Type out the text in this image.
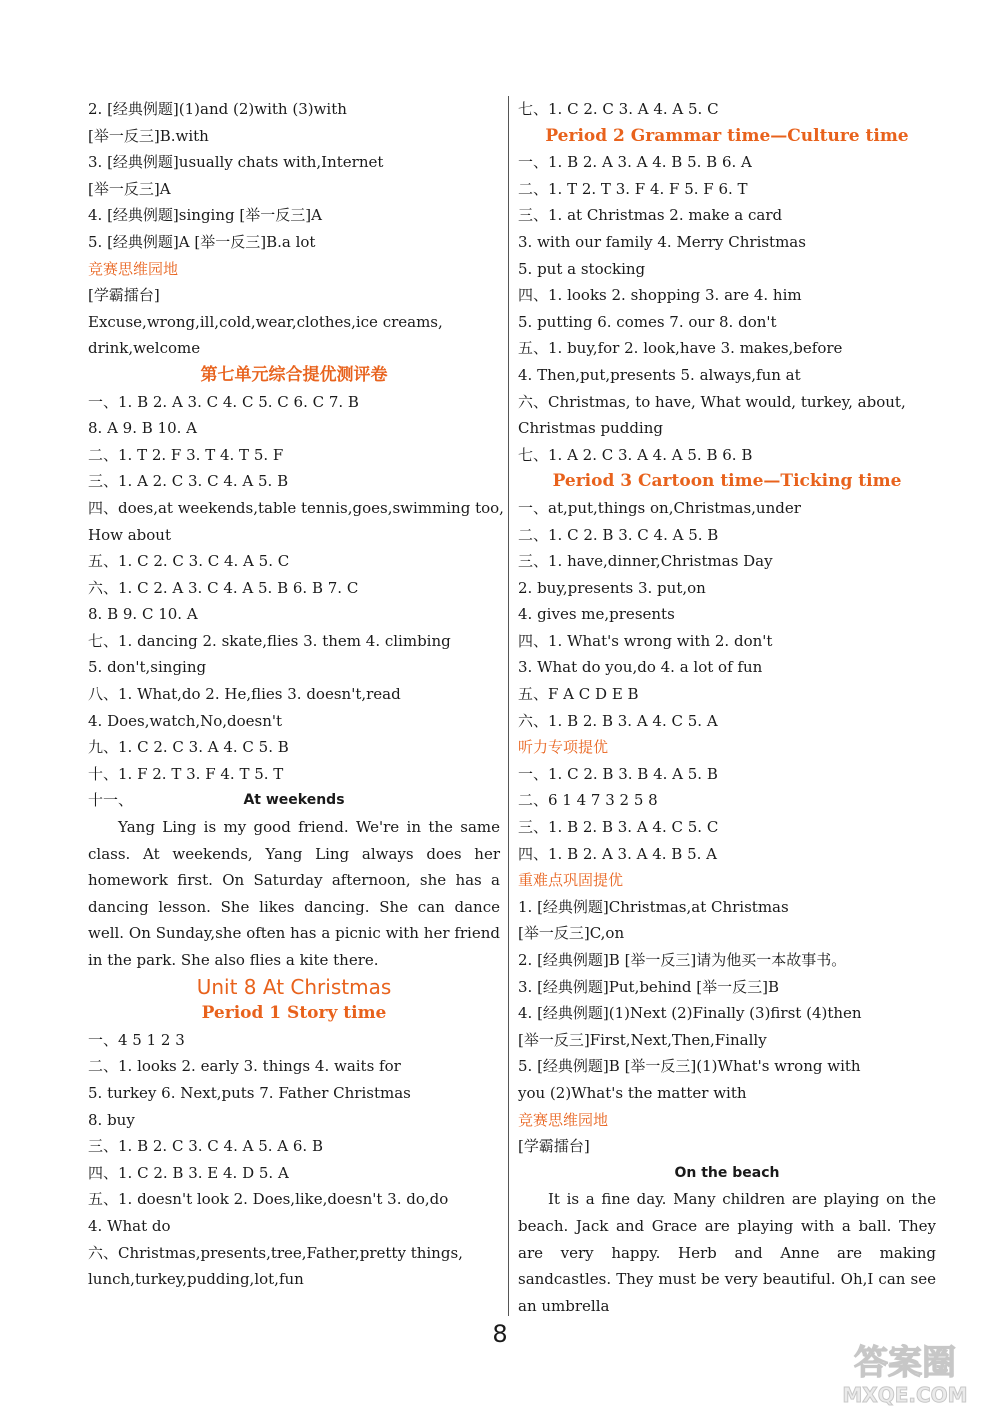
2. [经典例题](1)and (2)with (3)with
[举一反三]B.with
3. [经典例题]usually chats with,Internet
[举一反三]A
4. [经典例题]singing [举一反三]A
5. [经典例题]A [举一反三]B.a lot
竞赛思维园地
[学霸擂台]
Excuse,wrong,ill,cold,wear,clothes,ice creams,
drink,welcome
第七单元综合提优测评卷
一、1. B 2. A 3. C 4. C 5. C 6. C 7. B
8. A 9. B 10. A
二、1. T 2. F 3. T 4. T 5. F
三、1. A 2. C 3. C 4. A 5. B
四、does,at weekends,table tennis,goes,swimming too,
How about
五、1. C 2. C 3. C 4. A 5. C
六、1. C 2. A 3. C 4. A 5. B 6. B 7. C
8. B 9. C 10. A
七、1. dancing 2. skate,flies 3. them 4. climbing
5. don't,singing
八、1. What,do 2. He,flies 3. doesn't,read
4. Does,watch,No,doesn't
九、1. C 2. C 3. A 4. C 5. B
十、1. F 2. T 3. F 4. T 5. T
十一、	At weekends

Yang Ling is my good friend. We're in the same class. At weekends, Yang Ling always does her homework first. On Saturday afternoon, she has a dancing lesson. She likes dancing. She can dance well. On Sunday,she often has a picnic with her friend in the park. She also flies a kite there.

Unit 8 At Christmas
Period 1 Story time
一、4 5 1 2 3
二、1. looks 2. early 3. things 4. waits for
5. turkey 6. Next,puts 7. Father Christmas
8. buy
三、1. B 2. C 3. C 4. A 5. A 6. B
四、1. C 2. B 3. E 4. D 5. A
五、1. doesn't look 2. Does,like,doesn't 3. do,do
4. What do
六、Christmas,presents,tree,Father,pretty things,
lunch,turkey,pudding,lot,fun
七、1. C 2. C 3. A 4. A 5. C
Period 2 Grammar time—Culture time
一、1. B 2. A 3. A 4. B 5. B 6. A
二、1. T 2. T 3. F 4. F 5. F 6. T
三、1. at Christmas 2. make a card
3. with our family 4. Merry Christmas
5. put a stocking
四、1. looks 2. shopping 3. are 4. him
5. putting 6. comes 7. our 8. don't
五、1. buy,for 2. look,have 3. makes,before
4. Then,put,presents 5. always,fun at
六、Christmas, to have, What would, turkey, about,
Christmas pudding
七、1. A 2. C 3. A 4. A 5. B 6. B
Period 3 Cartoon time—Ticking time
一、at,put,things on,Christmas,under
二、1. C 2. B 3. C 4. A 5. B
三、1. have,dinner,Christmas Day
2. buy,presents 3. put,on
4. gives me,presents
四、1. What's wrong with 2. don't
3. What do you,do 4. a lot of fun
五、F A C D E B
六、1. B 2. B 3. A 4. C 5. A
听力专项提优
一、1. C 2. B 3. B 4. A 5. B
二、6 1 4 7 3 2 5 8
三、1. B 2. B 3. A 4. C 5. C
四、1. B 2. A 3. A 4. B 5. A
重难点巩固提优
1. [经典例题]Christmas,at Christmas
[举一反三]C,on
2. [经典例题]B [举一反三]请为他买一本故事书。
3. [经典例题]Put,behind [举一反三]B
4. [经典例题](1)Next (2)Finally (3)first (4)then
[举一反三]First,Next,Then,Finally
5. [经典例题]B [举一反三](1)What's wrong with
you (2)What's the matter with
竞赛思维园地
[学霸擂台]
On the beach

It is a fine day. Many children are playing on the beach. Jack and Grace are playing with a ball. They are very happy. Herb and Anne are making sandcastles. They must be very beautiful. Oh,I can see an umbrella

8
答案圈
MXQE.COM
